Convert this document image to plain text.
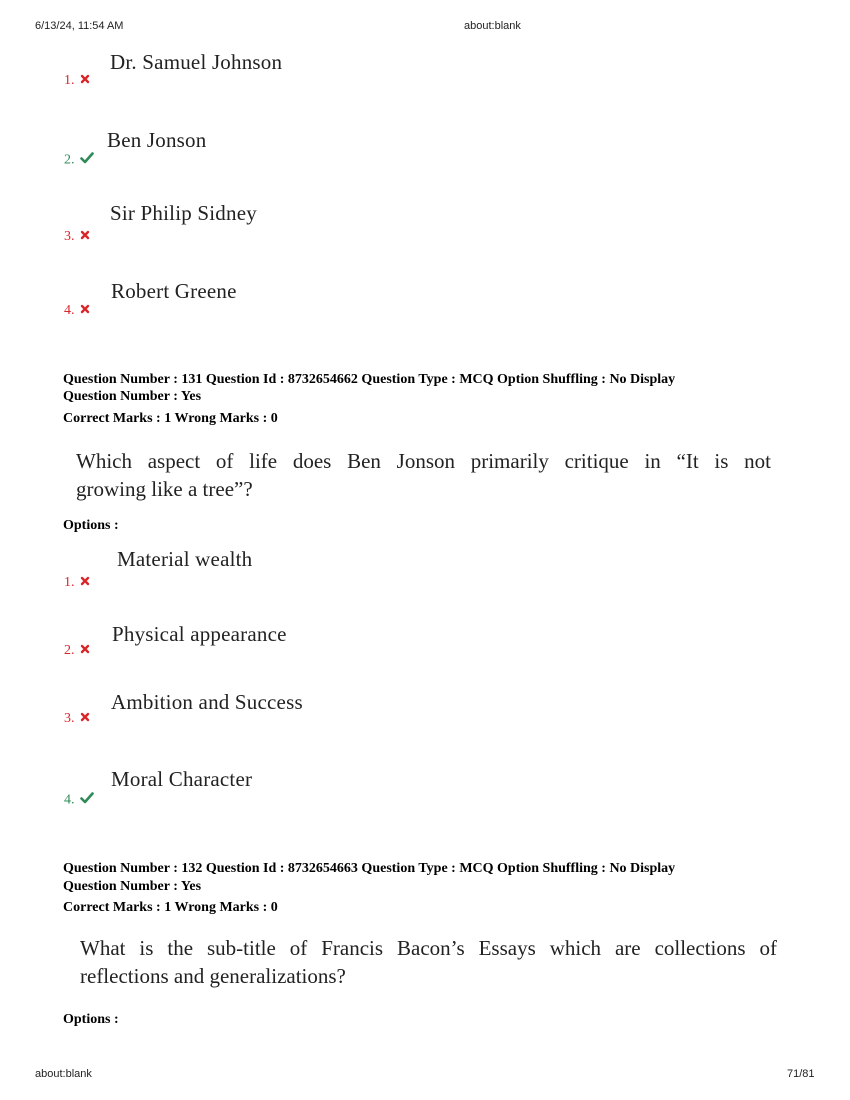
6/13/24, 11:54 AM	about:blank
Dr. Samuel Johnson
1.
Ben Jonson
2.
Sir Philip Sidney
3.
Robert Greene
4.
Question Number : 131 Question Id : 8732654662 Question Type : MCQ Option Shuffling : No Display
Question Number : Yes
Correct Marks : 1 Wrong Marks : 0
Which aspect of life does Ben Jonson primarily critique in “It is not
growing like a tree”?
Options :
Material wealth
1.
Physical appearance
2.
Ambition and Success
3.
Moral Character
4.
Question Number : 132 Question Id : 8732654663 Question Type : MCQ Option Shuffling : No Display
Question Number : Yes
Correct Marks : 1 Wrong Marks : 0
What is the sub-title of Francis Bacon’s Essays which are collections of
reflections and generalizations?
Options :
about:blank	71/81
